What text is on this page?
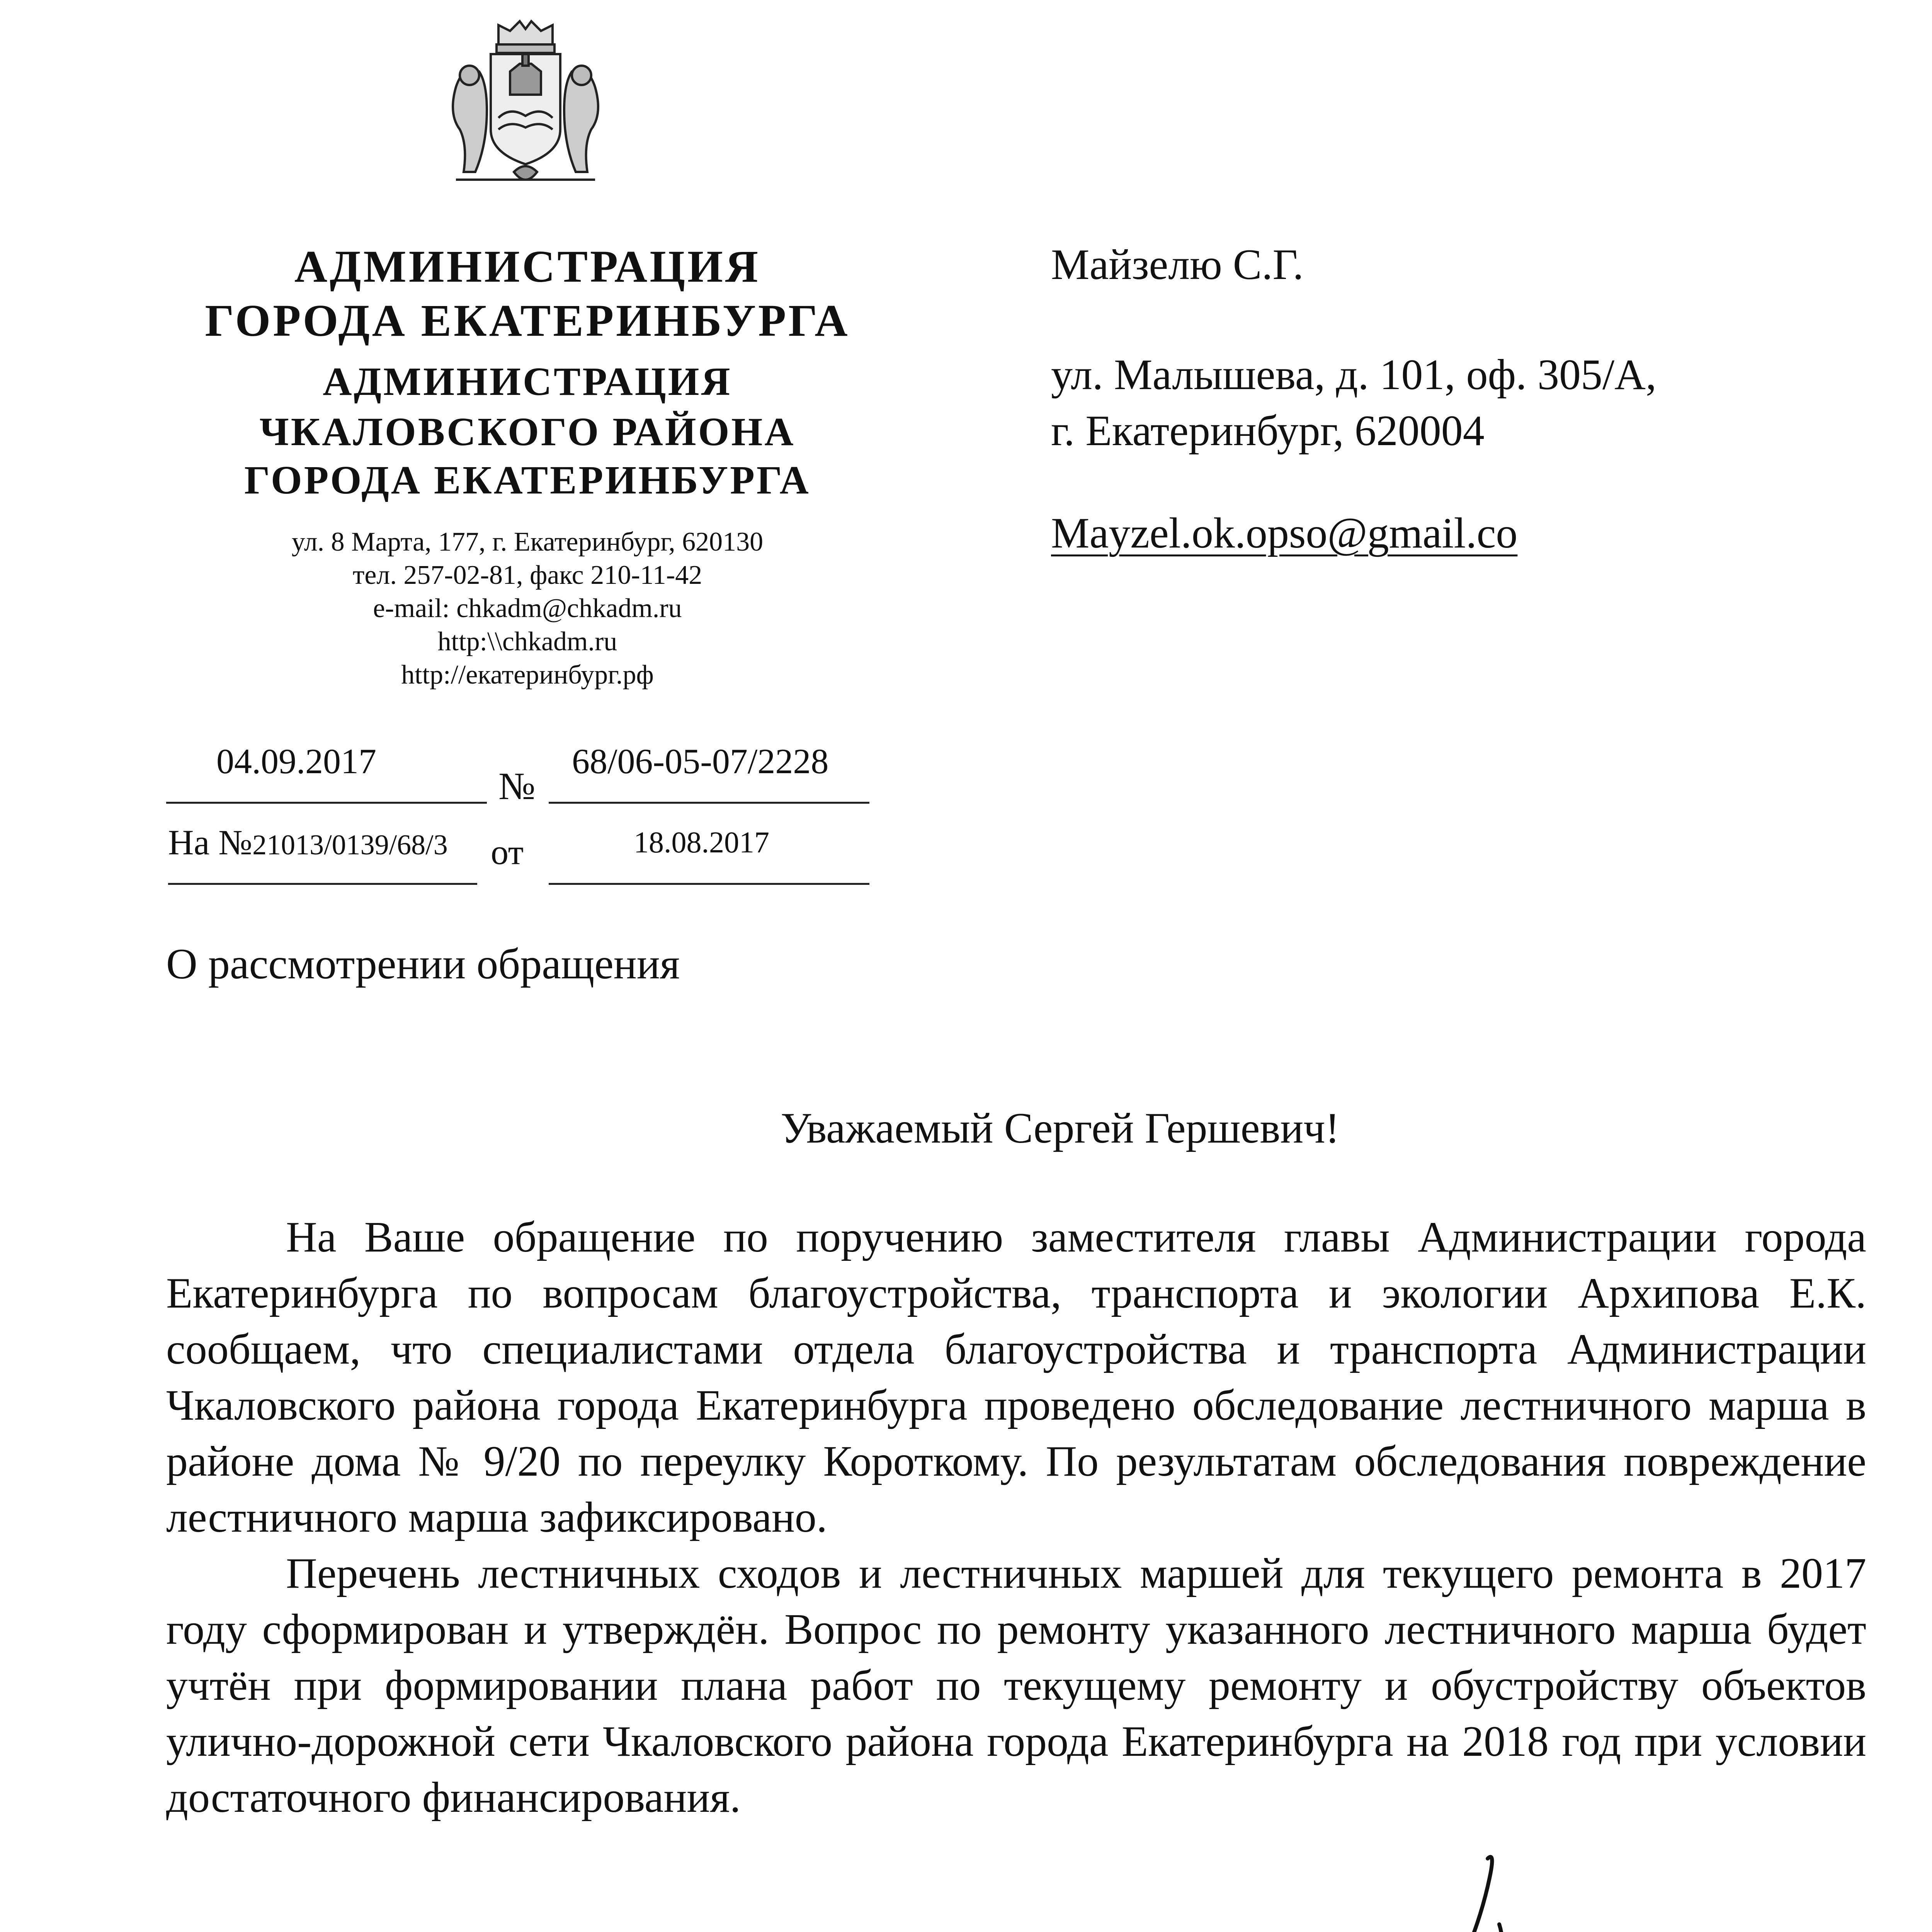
АДМИНИСТРАЦИЯ
ГОРОДА ЕКАТЕРИНБУРГА
АДМИНИСТРАЦИЯ
ЧКАЛОВСКОГО РАЙОНА
ГОРОДА ЕКАТЕРИНБУРГА
ул. 8 Марта, 177, г. Екатеринбург, 620130
тел. 257-02-81, факс 210-11-42
e-mail: chkadm@chkadm.ru
http:\\chkadm.ru
http://екатеринбург.рф
04.09.2017
№
68/06-05-07/2228
На №21013/0139/68/3 от	18.08.2017
Майзелю С.Г.
ул. Малышева, д. 101, оф. 305/А,
г. Екатеринбург, 620004
Mayzel.ok.opso@gmail.co
О рассмотрении обращения
Уважаемый Сергей Гершевич!

На Ваше обращение по поручению заместителя главы Администрации города Екатеринбурга по вопросам благоустройства, транспорта и экологии Архипова Е.К. сообщаем, что специалистами отдела благоустройства и транспорта Администрации Чкаловского района города Екатеринбурга проведено обследование лестничного марша в районе дома № 9/20 по переулку Короткому. По результатам обследования повреждение лестничного марша зафиксировано.

Перечень лестничных сходов и лестничных маршей для текущего ремонта в 2017 году сформирован и утверждён. Вопрос по ремонту указанного лестничного марша будет учтён при формировании плана работ по текущему ремонту и обустройству объектов улично-дорожной сети Чкаловского района города Екатеринбурга на 2018 год при условии достаточного финансирования.
